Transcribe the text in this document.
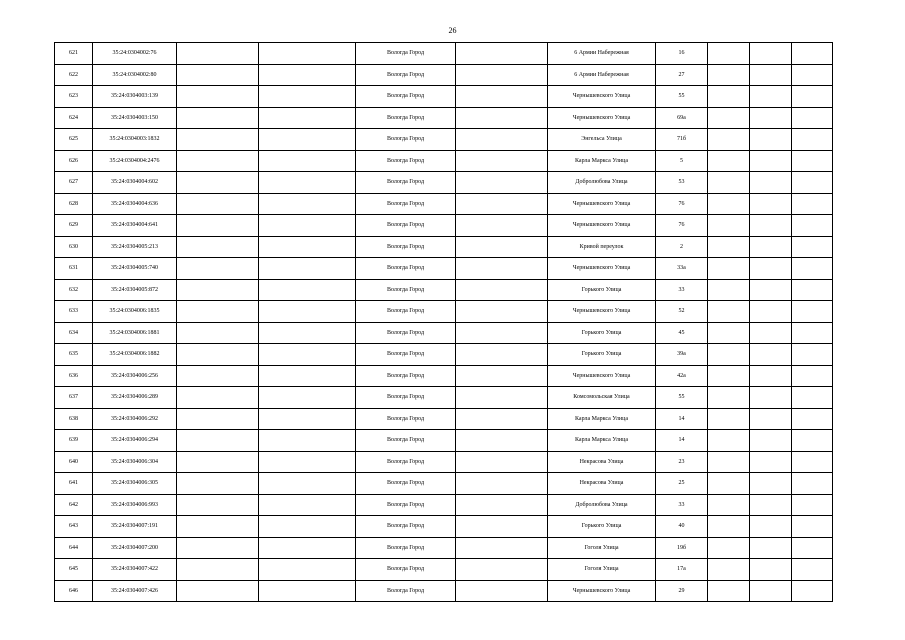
26
621	35:24:0304002:76			Вологда Город		6 Армии Набережная	16			
622	35:24:0304002:80			Вологда Город		6 Армии Набережная	27			
623	35:24:0304003:139			Вологда Город		Чернышевского Улица	55			
624	35:24:0304003:150			Вологда Город		Чернышевского Улица	69а			
625	35:24:0304003:1832			Вологда Город		Энгельса Улица	71б			
626	35:24:0304004:2476			Вологда Город		Карла Маркса Улица	5			
627	35:24:0304004:602			Вологда Город		Добролюбова Улица	53			
628	35:24:0304004:636			Вологда Город		Чернышевского Улица	76			
629	35:24:0304004:641			Вологда Город		Чернышевского Улица	76			
630	35:24:0304005:213			Вологда Город		Кривой переулок	2			
631	35:24:0304005:740			Вологда Город		Чернышевского Улица	33а			
632	35:24:0304005:872			Вологда Город		Горького Улица	33			
633	35:24:0304006:1835			Вологда Город		Чернышевского Улица	52			
634	35:24:0304006:1881			Вологда Город		Горького Улица	45			
635	35:24:0304006:1882			Вологда Город		Горького Улица	39а			
636	35:24:0304006:256			Вологда Город		Чернышевского Улица	42а			
637	35:24:0304006:289			Вологда Город		Комсомольская Улица	55			
638	35:24:0304006:292			Вологда Город		Карла Маркса Улица	14			
639	35:24:0304006:294			Вологда Город		Карла Маркса Улица	14			
640	35:24:0304006:304			Вологда Город		Некрасова Улица	23			
641	35:24:0304006:305			Вологда Город		Некрасова Улица	25			
642	35:24:0304006:993			Вологда Город		Добролюбова Улица	33			
643	35:24:0304007:191			Вологда Город		Горького Улица	40			
644	35:24:0304007:200			Вологда Город		Гоголя Улица	19б			
645	35:24:0304007:422			Вологда Город		Гоголя Улица	17а			
646	35:24:0304007:426			Вологда Город		Чернышевского Улица	29			
